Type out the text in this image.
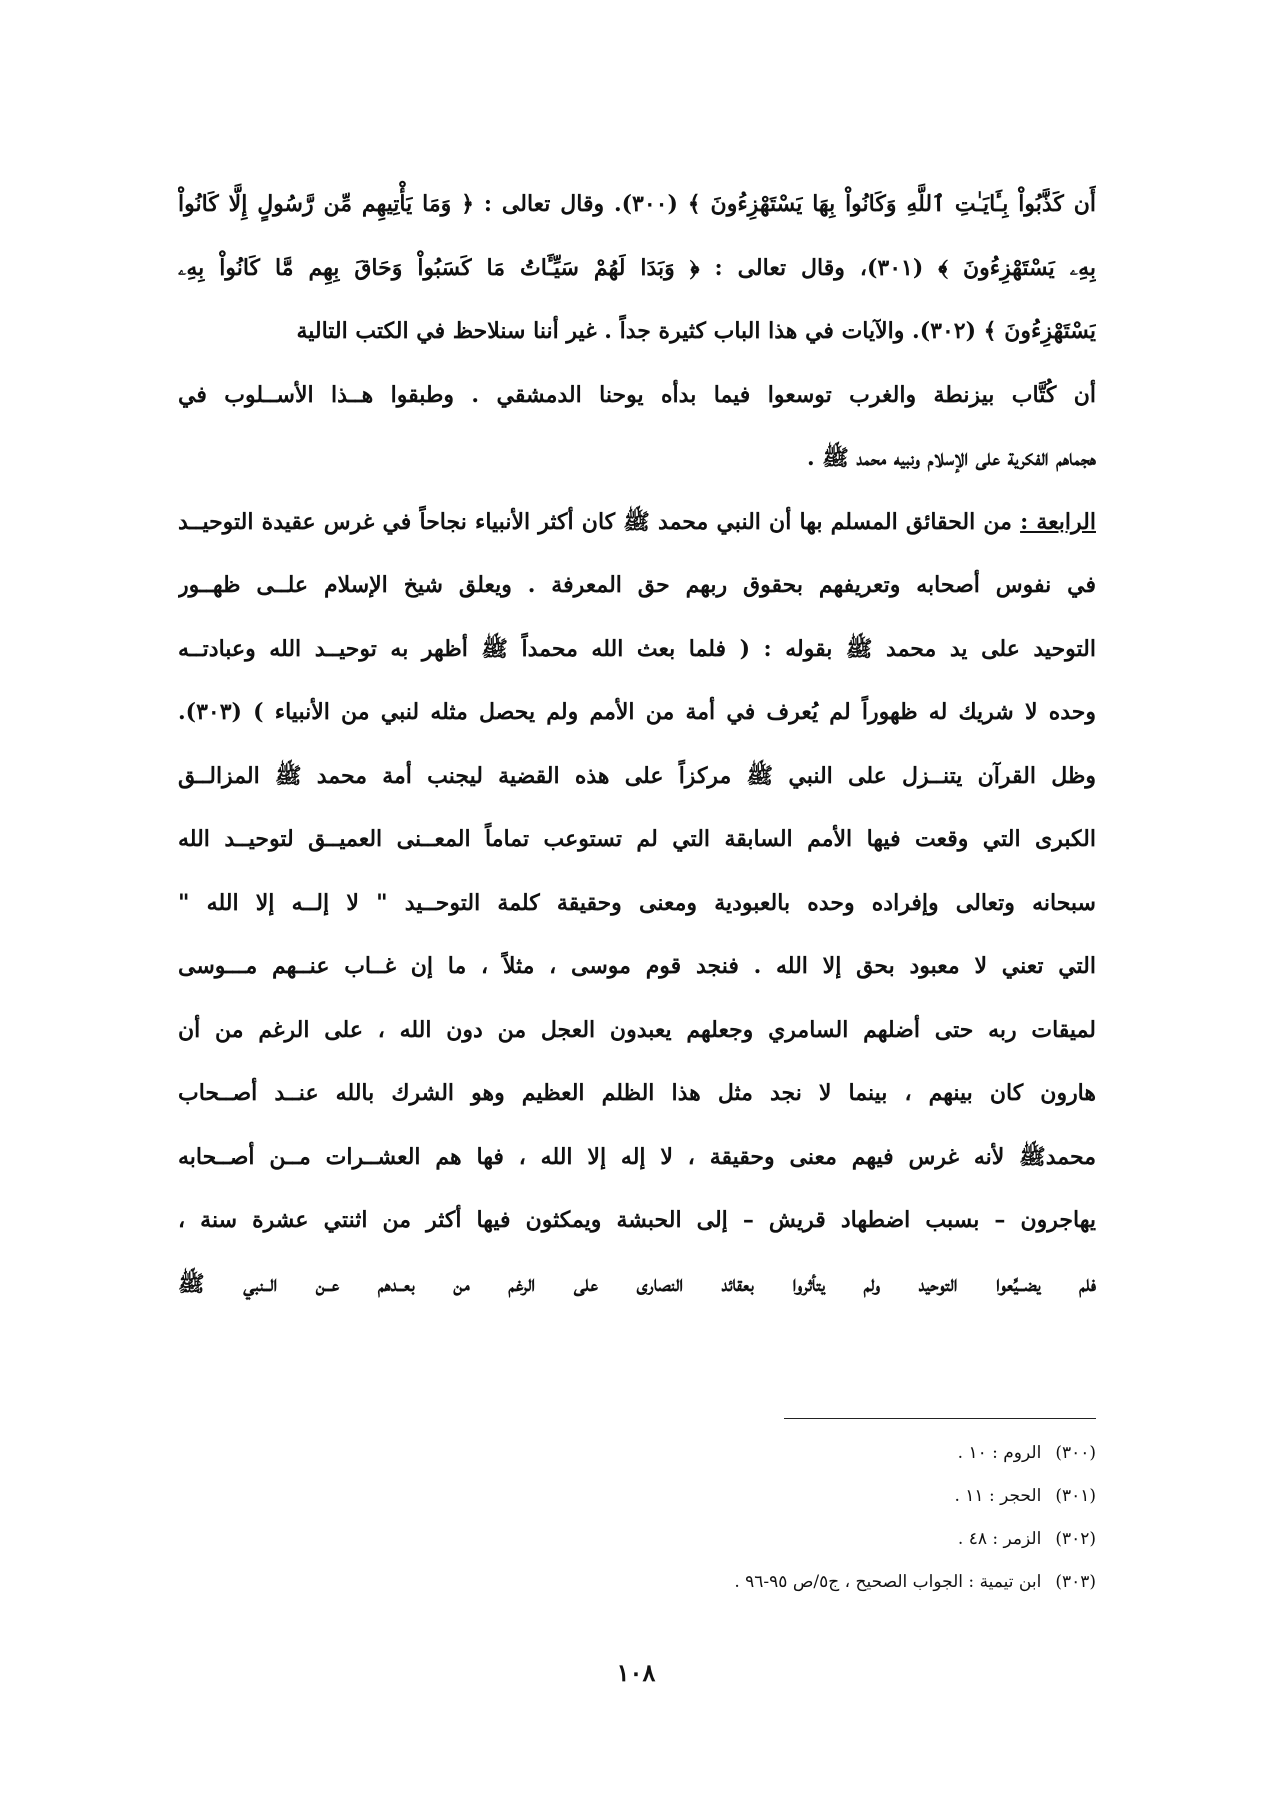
أَن كَذَّبُواْ بِـَٔايَـٰتِ ٱللَّهِ وَكَانُواْ بِهَا يَسْتَهْزِءُونَ ﴾ (٣٠٠). وقال تعالى : ﴿ وَمَا يَأْتِيهِم مِّن رَّسُولٍ إِلَّا كَانُواْ
بِهِۦ يَسْتَهْزِءُونَ ﴾ (٣٠١)، وقال تعالى : ﴿ وَبَدَا لَهُمْ سَيِّـَٔاتُ مَا كَسَبُواْ وَحَاقَ بِهِم مَّا كَانُواْ بِهِۦ
يَسْتَهْزِءُونَ ﴾ (٣٠٢). والآيات في هذا الباب كثيرة جداً . غير أننا سنلاحظ في الكتب التالية
أن كُتَّاب بيزنطة والغرب توسعوا فيما بدأه يوحنا الدمشقي . وطبقوا هــذا الأســلوب في
هجماهم الفكرية على الإسلام ونبيه محمد ﷺ .
الرابعة : من الحقائق المسلم بها أن النبي محمد ﷺ كان أكثر الأنبياء نجاحاً في غرس عقيدة التوحيــد
في نفوس أصحابه وتعريفهم بحقوق ربهم حق المعرفة . ويعلق شيخ الإسلام علــى ظهــور
التوحيد على يد محمد ﷺ بقوله : ( فلما بعث الله محمداً ﷺ أظهر به توحيــد الله وعبادتــه
وحده لا شريك له ظهوراً لم يُعرف في أمة من الأمم ولم يحصل مثله لنبي من الأنبياء ) (٣٠٣).
وظل القرآن يتنــزل على النبي ﷺ مركزاً على هذه القضية ليجنب أمة محمد ﷺ المزالــق
الكبرى التي وقعت فيها الأمم السابقة التي لم تستوعب تماماً المعــنى العميــق لتوحيــد الله
سبحانه وتعالى وإفراده وحده بالعبودية ومعنى وحقيقة كلمة التوحــيد " لا إلــه إلا الله "
التي تعني لا معبود بحق إلا الله . فنجد قوم موسى ، مثلاً ، ما إن غــاب عنــهم مـــوسى
لميقات ربه حتى أضلهم السامري وجعلهم يعبدون العجل من دون الله ، على الرغم من أن
هارون كان بينهم ، بينما لا نجد مثل هذا الظلم العظيم وهو الشرك بالله عنــد أصــحاب
محمدﷺ لأنه غرس فيهم معنى وحقيقة ، لا إله إلا الله ، فها هم العشــرات مــن أصــحابه
يهاجرون – بسبب اضطهاد قريش – إلى الحبشة ويمكثون فيها أكثر من اثنتي عشرة سنة ،
فلم يضــيِّعوا التوحيد ولم يتأثروا بعقائد النصارى على الرغم من بعــدهم عــن الــنبي ﷺ
(٣٠٠)الروم : ١٠ .
(٣٠١)الحجر : ١١ .
(٣٠٢)الزمر : ٤٨ .
(٣٠٣)ابن تيمية : الجواب الصحيح ، ج٥/ص ٩٥-٩٦ .
١٠٨
